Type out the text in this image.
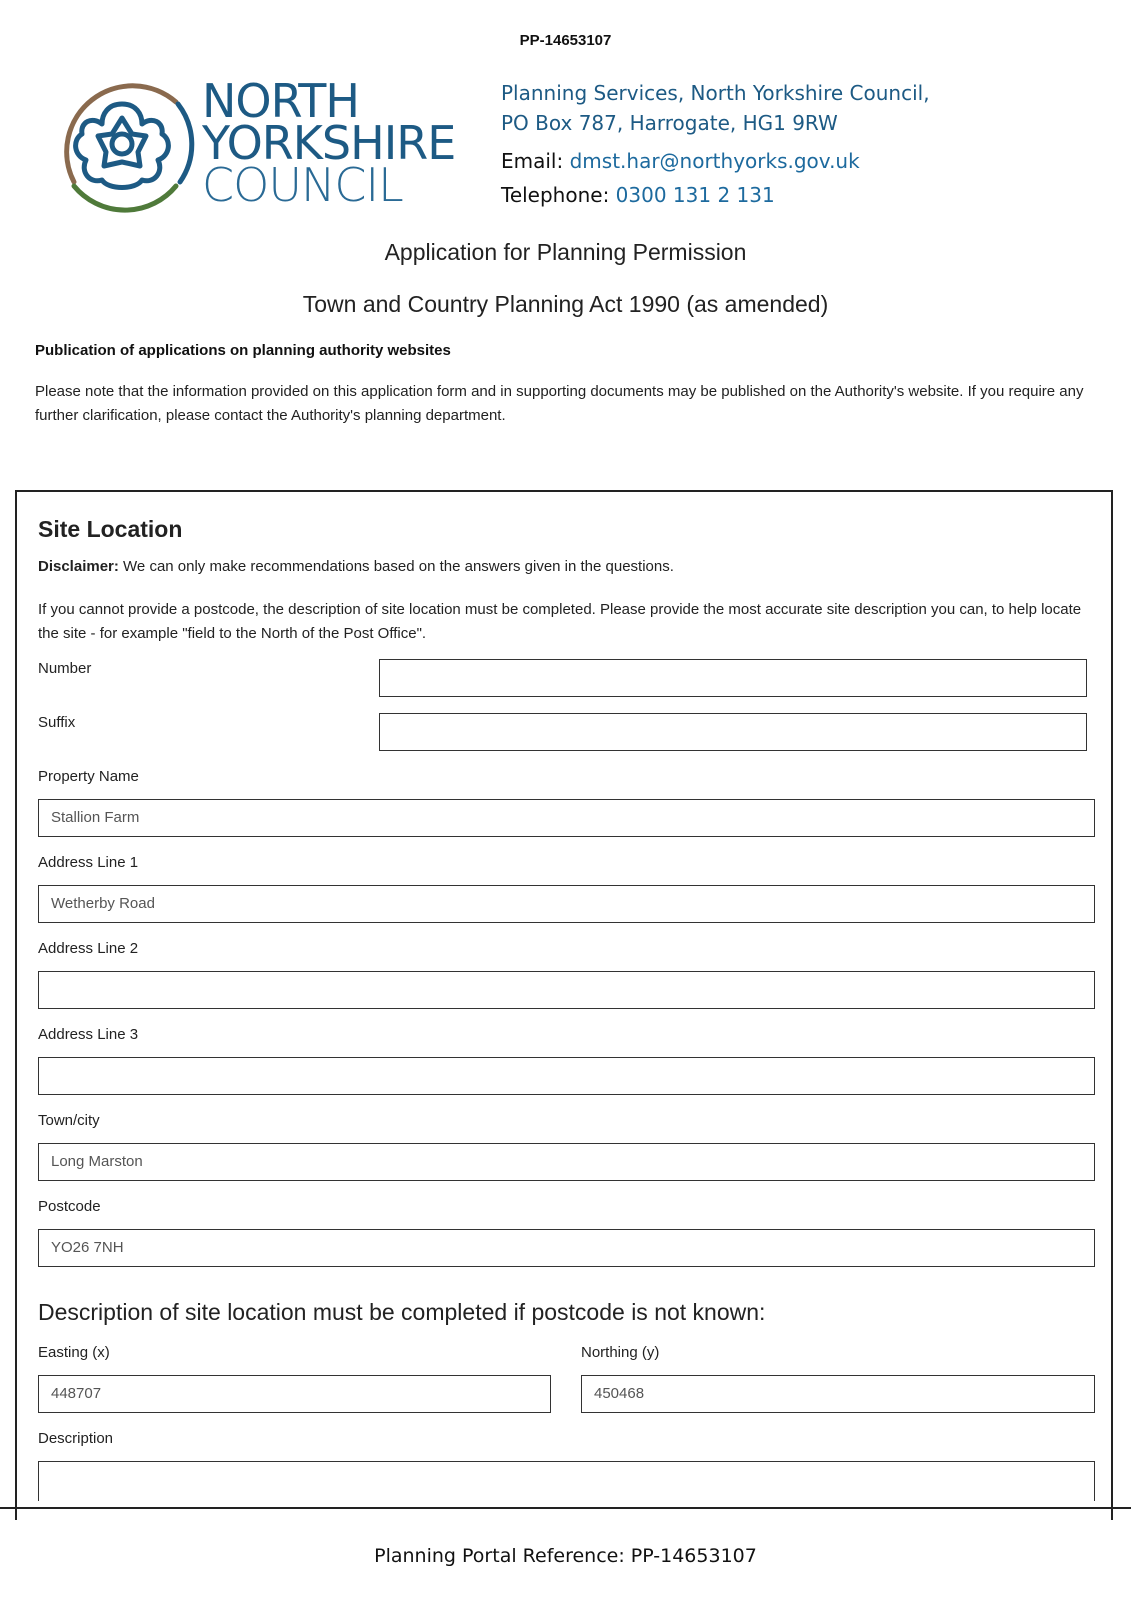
PP-14653107
NORTH
YORKSHIRE
COUNCIL
Planning Services, North Yorkshire Council,
PO Box 787, Harrogate, HG1 9RW
Email: dmst.har@northyorks.gov.uk
Telephone: 0300 131 2 131
Application for Planning Permission
Town and Country Planning Act 1990 (as amended)
Publication of applications on planning authority websites
Please note that the information provided on this application form and in supporting documents may be published on the Authority's website. If you require any further clarification, please contact the Authority's planning department.
Site Location
Disclaimer: We can only make recommendations based on the answers given in the questions.
If you cannot provide a postcode, the description of site location must be completed. Please provide the most accurate site description you can, to help locate the site - for example "field to the North of the Post Office".
Number
Suffix
Property Name
Stallion Farm
Address Line 1
Wetherby Road
Address Line 2
Address Line 3
Town/city
Long Marston
Postcode
YO26 7NH
Description of site location must be completed if postcode is not known:
Easting (x)
448707
Northing (y)
450468
Description
Planning Portal Reference: PP-14653107
